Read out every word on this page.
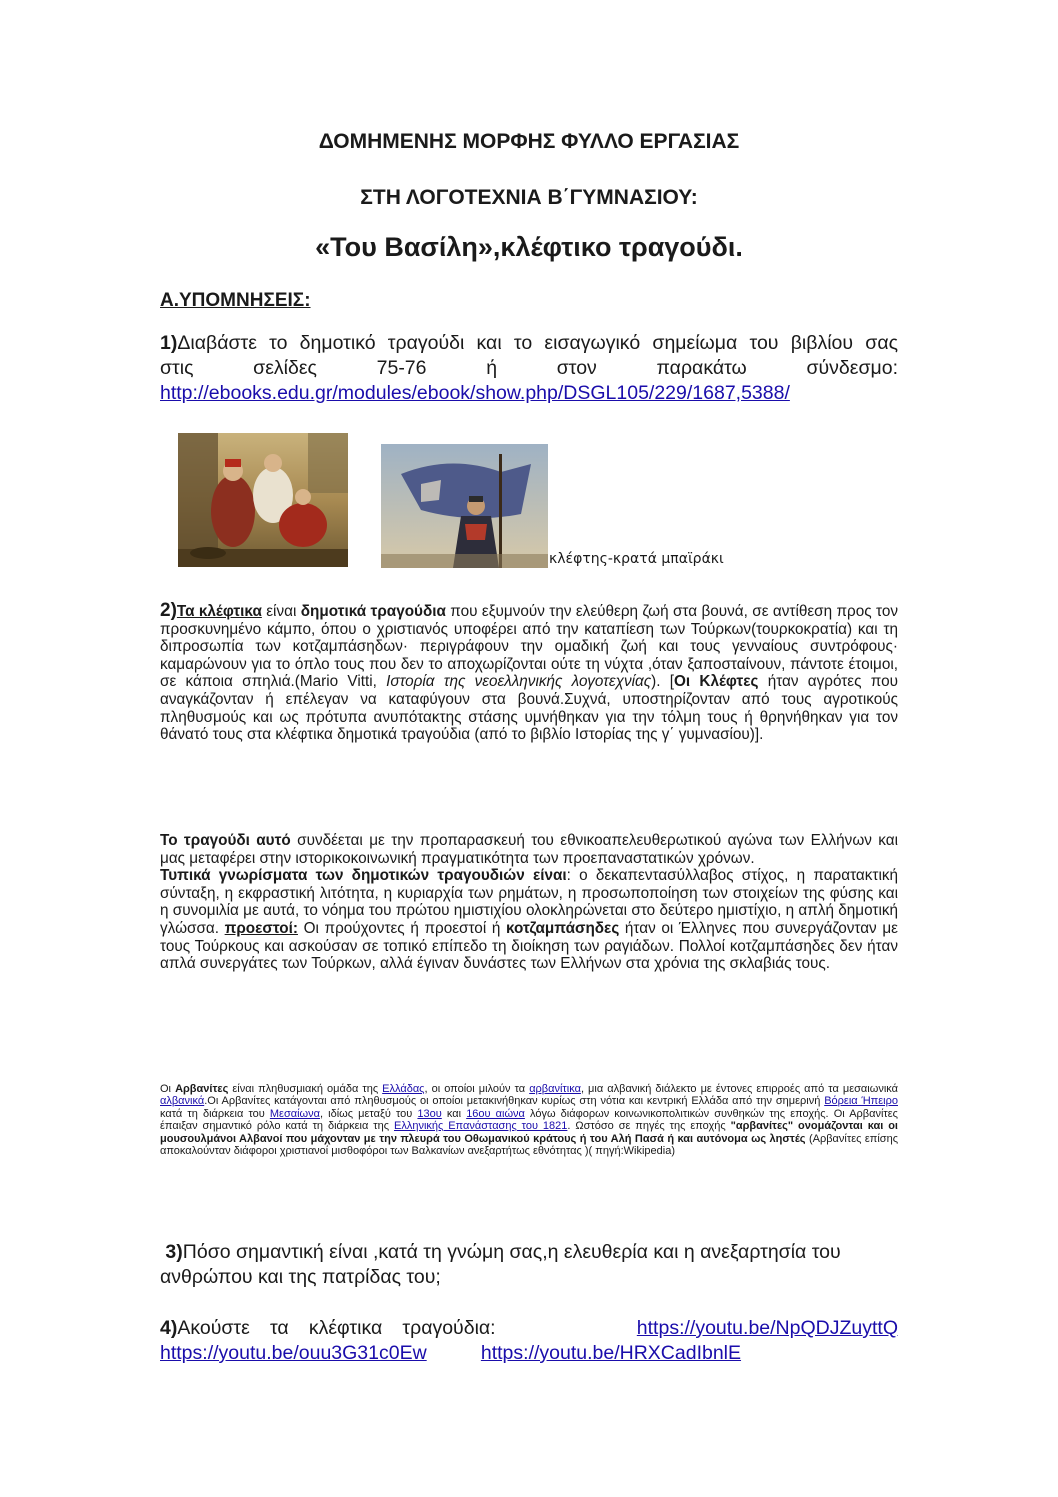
ΔΟΜΗΜΕΝΗΣ ΜΟΡΦΗΣ ΦΥΛΛΟ ΕΡΓΑΣΙΑΣ
ΣΤΗ ΛΟΓΟΤΕΧΝΙΑ Β΄ΓΥΜΝΑΣΙΟΥ:
«Του Βασίλη»,κλέφτικο τραγούδι.
Α.ΥΠΟΜΝΗΣΕΙΣ:
1)Διαβάστε το δημοτικό τραγούδι και το εισαγωγικό σημείωμα του βιβλίου σας
στις σελίδες 75-76 ή στον παρακάτω σύνδεσμο:
http://ebooks.edu.gr/modules/ebook/show.php/DSGL105/229/1687,5388/
κλέφτης-κρατά μπαϊράκι
2)Τα κλέφτικα είναι δημοτικά τραγούδια που εξυμνούν την ελεύθερη ζωή στα βουνά, σε αντίθεση προς τον προσκυνημένο κάμπο, όπου ο χριστιανός υποφέρει από την καταπίεση των Τούρκων(τουρκοκρατία) και τη διπροσωπία των κοτζαμπάσηδων· περιγράφουν την ομαδική ζωή και τους γενναίους συντρόφους· καμαρώνουν για το όπλο τους που δεν το αποχωρίζονται ούτε τη νύχτα ,όταν ξαποσταίνουν, πάντοτε έτοιμοι, σε κάποια σπηλιά.(Mario Vitti, Ιστορία της νεοελληνικής λογοτεχνίας). [Οι Κλέφτες ήταν αγρότες που αναγκάζονταν ή επέλεγαν να καταφύγουν στα βουνά.Συχνά, υποστηρίζονταν από τους αγροτικούς πληθυσμούς και ως πρότυπα ανυπότακτης στάσης υμνήθηκαν για την τόλμη τους ή θρηνήθηκαν για τον θάνατό τους στα κλέφτικα δημοτικά τραγούδια (από το βιβλίο Ιστορίας της γ΄ γυμνασίου)].
Το τραγούδι αυτό συνδέεται με την προπαρασκευή του εθνικοαπελευθερωτικού αγώνα των Ελλήνων και μας μεταφέρει στην ιστορικοκοινωνική πραγματικότητα των προεπαναστατικών χρόνων.
Τυπικά γνωρίσματα των δημοτικών τραγουδιών είναι: ο δεκαπεντασύλλαβος στίχος, η παρατακτική σύνταξη, η εκφραστική λιτότητα, η κυριαρχία των ρημάτων, η προσωποποίηση των στοιχείων της φύσης και η συνομιλία με αυτά, το νόημα του πρώτου ημιστιχίου ολοκληρώνεται στο δεύτερο ημιστίχιο, η απλή δημοτική γλώσσα. προεστοί: Οι προύχοντες ή προεστοί ή κοτζαμπάσηδες ήταν οι Έλληνες που συνεργάζονταν με τους Τούρκους και ασκούσαν σε τοπικό επίπεδο τη διοίκηση των ραγιάδων. Πολλοί κοτζαμπάσηδες δεν ήταν απλά συνεργάτες των Τούρκων, αλλά έγιναν δυνάστες των Ελλήνων στα χρόνια της σκλαβιάς τους.
Οι Αρβανίτες είναι πληθυσμιακή ομάδα της Ελλάδας, οι οποίοι μιλούν τα αρβανίτικα, μια αλβανική διάλεκτο με έντονες επιρροές από τα μεσαιωνικά αλβανικά.Οι Αρβανίτες κατάγονται από πληθυσμούς οι οποίοι μετακινήθηκαν κυρίως στη νότια και κεντρική Ελλάδα από την σημερινή Βόρεια Ήπειρο κατά τη διάρκεια του Μεσαίωνα, ιδίως μεταξύ του 13ου και 16ου αιώνα λόγω διάφορων κοινωνικοπολιτικών συνθηκών της εποχής. Οι Αρβανίτες έπαιξαν σημαντικό ρόλο κατά τη διάρκεια της Ελληνικής Επανάστασης του 1821. Ωστόσο σε πηγές της εποχής "αρβανίτες" ονομάζονται και οι μουσουλμάνοι Αλβανοί που μάχονταν με την πλευρά του Οθωμανικού κράτους ή του Αλή Πασά ή και αυτόνομα ως ληστές (Αρβανίτες επίσης αποκαλούνταν διάφοροι χριστιανοί μισθοφόροι των Βαλκανίων ανεξαρτήτως εθνότητας )( πηγή:Wikipedia)
3)Πόσο σημαντική είναι ,κατά τη γνώμη σας,η ελευθερία και η ανεξαρτησία του ανθρώπου και της πατρίδας του;
4)Ακούστε τα κλέφτικα τραγούδια:	https://youtu.be/NpQDJZuyttQ
https://youtu.be/ouu3G31c0Ew	https://youtu.be/HRXCadIbnlE
